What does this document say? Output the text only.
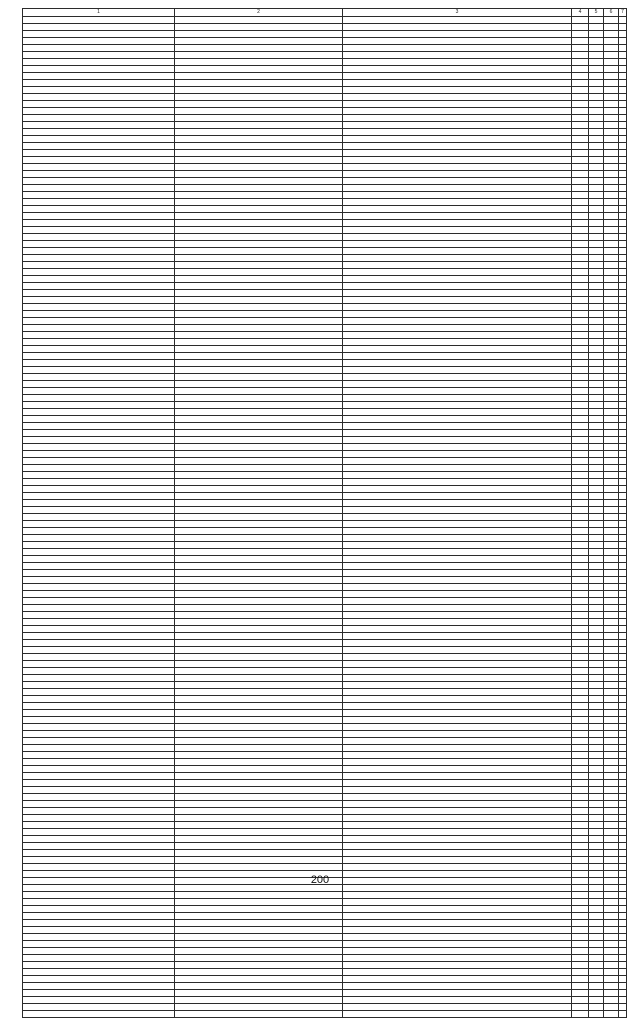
1	2	3	4	5	6	7

200
